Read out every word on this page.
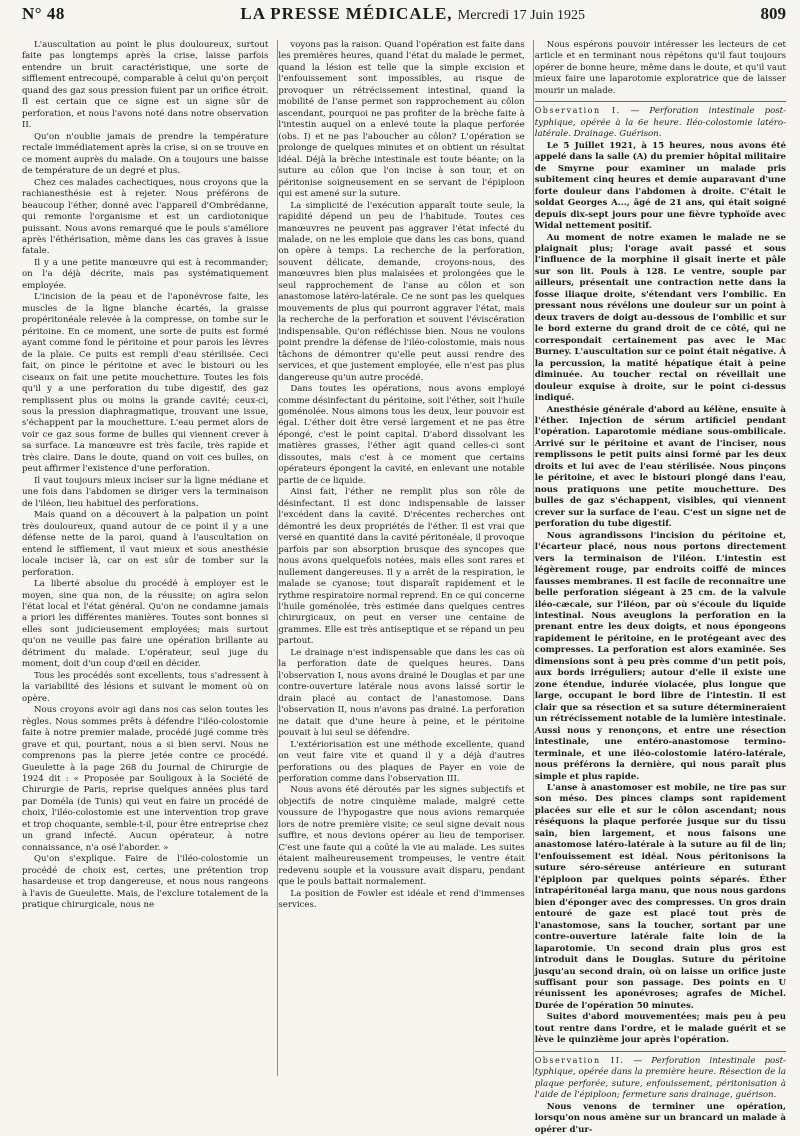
N° 48	LA PRESSE MÉDICALE, Mercredi 17 Juin 1925	809

L'auscultation au point le plus douloureux, surtout faite pas longtemps après la crise, laisse parfois entendre un bruit caractéristique, une sorte de sifflement entrecoupé, comparable à celui qu'on perçoit quand des gaz sous pression fuient par un orifice étroit. Il est certain que ce signe est un signe sûr de perforation, et nous l'avons noté dans notre observation II.

Qu'on n'oublie jamais de prendre la température rectale immédiatement après la crise, si on se trouve en ce moment auprès du malade. On a toujours une baisse de température de un degré et plus.

Chez ces malades cachectiques, nous croyons que la rachianesthésie est à rejeter. Nous préférons de beaucoup l'éther, donné avec l'appareil d'Ombrédanne, qui remonte l'organisme et est un cardiotonique puissant. Nous avons remarqué que le pouls s'améliore après l'éthérisation, même dans les cas graves à issue fatale.

Il y a une petite manœuvre qui est à recommander; on l'a déjà décrite, mais pas systématiquement employée.

L'incision de la peau et de l'aponévrose faite, les muscles de la ligne blanche écartés, la graisse propéritonéale relevée à la compresse, on tombe sur le péritoine. En ce moment, une sorte de puits est formé ayant comme fond le péritoine et pour parois les lèvres de la plaie. Ce puits est rempli d'eau stérilisée. Ceci fait, on pince le péritoine et avec le bistouri ou les ciseaux on fait une petite mouchetture. Toutes les fois qu'il y a une perforation du tube digestif, des gaz remplissent plus ou moins la grande cavité; ceux-ci, sous la pression diaphragmatique, trouvant une issue, s'échappent par la mouchetture. L'eau permet alors de voir ce gaz sous forme de bulles qui viennent crever à sa surface. La manœuvre est très facile, très rapide et très claire. Dans le doute, quand on voit ces bulles, on peut affirmer l'existence d'une perforation.

Il vaut toujours mieux inciser sur la ligne médiane et une fois dans l'abdomen se diriger vers la terminaison de l'iléon, lieu habituel des perforations.

Mais quand on a découvert à la palpation un point très douloureux, quand autour de ce point il y a une défense nette de la paroi, quand à l'auscultation on entend le sifflement, il vaut mieux et sous anesthésie locale inciser là, car on est sûr de tomber sur la perforation.

La liberté absolue du procédé à employer est le moyen, sine qua non, de la réussite; on agira selon l'état local et l'état général. Qu'on ne condamne jamais a priori les différentes manières. Toutes sont bonnes si elles sont judicieusement employées; mais surtout qu'on ne veuille pas faire une opération brillante au détriment du malade. L'opérateur, seul juge du moment, doit d'un coup d'œil en décider.

Tous les procédés sont excellents, tous s'adressent à la variabilité des lésions et suivant le moment où on opère.

Nous croyons avoir agi dans nos cas selon toutes les règles. Nous sommes prêts à défendre l'iléo-colostomie faite à notre premier malade, procédé jugé comme très grave et qui, pourtant, nous a si bien servi. Nous ne comprenons pas la pierre jetée contre ce procédé. Gueulette à la page 268 du Journal de Chirurgie de 1924 dit : « Proposée par Souligoux à la Société de Chirurgie de Paris, reprise quelques années plus tard par Doméla (de Tunis) qui veut en faire un procédé de choix, l'iléo-colostomie est une intervention trop grave et trop choquante, semble-t-il, pour être entreprise chez un grand infecté. Aucun opérateur, à notre connaissance, n'a osé l'aborder. »

Qu'on s'explique. Faire de l'iléo-colostomie un procédé de choix est, certes, une prétention trop hasardeuse et trop dangereuse, et nous nous rangeons à l'avis de Gueulette. Mais, de l'exclure totalement de la pratique chirurgicale, nous ne

voyons pas la raison. Quand l'opération est faite dans les premières heures, quand l'état du malade le permet, quand la lésion est telle que la simple excision et l'enfouissement sont impossibles, au risque de provoquer un rétrécissement intestinal, quand la mobilité de l'anse permet son rapprochement au côlon ascendant, pourquoi ne pas profiter de la brèche faite à l'intestin auquel on a enlevé toute la plaque perforée (obs. I) et ne pas l'aboucher au côlon? L'opération se prolonge de quelques minutes et on obtient un résultat idéal. Déjà la brèche intestinale est toute béante; on la suture au côlon que l'on incise à son tour, et on péritonise soigneusement en se servant de l'épiploon qui est amené sur la suture.

La simplicité de l'exécution apparaît toute seule, la rapidité dépend un peu de l'habitude. Toutes ces manœuvres ne peuvent pas aggraver l'état infecté du malade, on ne les emploie que dans les cas bons, quand on opère à temps. La recherche de la perforation, souvent délicate, demande, croyons-nous, des manœuvres bien plus malaisées et prolongées que le seul rapprochement de l'anse au côlon et son anastomose latéro-latérale. Ce ne sont pas les quelques mouvements de plus qui pourront aggraver l'état, mais la recherche de la perforation et souvent l'éviscération indispensable. Qu'on réfléchisse bien. Nous ne voulons point prendre la défense de l'iléo-colostomie, mais nous tâchons de démontrer qu'elle peut aussi rendre des services, et que justement employée, elle n'est pas plus dangereuse qu'un autre procédé.

Dans toutes les opérations, nous avons employé comme désinfectant du péritoine, soit l'éther, soit l'huile goménolée. Nous aimons tous les deux, leur pouvoir est égal. L'éther doit être versé largement et ne pas être épongé, c'est le point capital. D'abord dissolvant les matières grasses, l'éther agit quand celles-ci sont dissoutes, mais c'est à ce moment que certains opérateurs épongent la cavité, en enlevant une notable partie de ce liquide.

Ainsi fait, l'éther ne remplit plus son rôle de désinfectant. Il est donc indispensable de laisser l'excédent dans la cavité. D'récentes recherches ont démontré les deux propriétés de l'éther. Il est vrai que versé en quantité dans la cavité péritonéale, il provoque parfois par son absorption brusque des syncopes que nous avons quelquefois notées, mais elles sont rares et nullement dangereuses. Il y a arrêt de la respiration, le malade se cyanose; tout disparaît rapidement et le rythme respiratoire normal reprend. En ce qui concerne l'huile goménolée, très estimée dans quelques centres chirurgicaux, on peut en verser une centaine de grammes. Elle est très antiseptique et se répand un peu partout.

Le drainage n'est indispensable que dans les cas où la perforation date de quelques heures. Dans l'observation I, nous avons drainé le Douglas et par une contre-ouverture latérale nous avons laissé sortir le drain placé au contact de l'anastomose. Dans l'observation II, nous n'avons pas drainé. La perforation ne datait que d'une heure à peine, et le péritoine pouvait à lui seul se défendre.

L'extériorisation est une méthode excellente, quand on veut faire vite et quand il y a déjà d'autres perforations ou des plaques de Payer en voie de perforation comme dans l'observation III.

Nous avons été déroutés par les signes subjectifs et objectifs de notre cinquième malade, malgré cette voussure de l'hypogastre que nous avions remarquée lors de notre première visite; ce seul signe devait nous suffire, et nous devions opérer au lieu de temporiser. C'est une faute qui a coûté la vie au malade. Les suites étaient malheureusement trompeuses, le ventre était redevenu souple et la voussure avait disparu, pendant que le pouls battait normalement.

La position de Fowler est idéale et rend d'immenses services.

Nous espérons pouvoir intéresser les lecteurs de cet article et en terminant nous répétons qu'il faut toujours opérer de bonne heure, même dans le doute, et qu'il vaut mieux faire une laparotomie exploratrice que de laisser mourir un malade.

Observation I. — Perforation intestinale post-typhique, opérée à la 6e heure. Iléo-colostomie latéro-latérale. Drainage. Guérison.

Le 5 Juillet 1921, à 15 heures, nous avons été appelé dans la salle (A) du premier hôpital militaire de Smyrne pour examiner un malade pris subitement cinq heures et demie auparavant d'une forte douleur dans l'abdomen à droite. C'était le soldat Georges A..., âgé de 21 ans, qui était soigné depuis dix-sept jours pour une fièvre typhoïde avec Widal nettement positif.

Au moment de notre examen le malade ne se plaignait plus; l'orage avait passé et sous l'influence de la morphine il gisait inerte et pâle sur son lit. Pouls à 128. Le ventre, souple par ailleurs, présentait une contraction nette dans la fosse iliaque droite, s'étendant vers l'ombilic. En pressant nous révélons une douleur sur un point à deux travers de doigt au-dessous de l'ombilic et sur le bord externe du grand droit de ce côté, qui ne correspondait certainement pas avec le Mac Burney. L'auscultation sur ce point était négative. À la percussion, la matité hépatique était à peine diminuée. Au toucher rectal on réveillait une douleur exquise à droite, sur le point ci-dessus indiqué.

Anesthésie générale d'abord au kélène, ensuite à l'éther. Injection de sérum artificiel pendant l'opération. Laparotomie médiane sous-ombilicale. Arrivé sur le péritoine et avant de l'inciser, nous remplissons le petit puits ainsi formé par les deux droits et lui avec de l'eau stérilisée. Nous pinçons le péritoine, et avec le bistouri plongé dans l'eau, nous pratiquons une petite mouchetture. Des bulles de gaz s'échappent, visibles, qui viennent crever sur la surface de l'eau. C'est un signe net de perforation du tube digestif.

Nous agrandissons l'incision du péritoine et, l'écarteur placé, nous nous portons directement vers la terminaison de l'iléon. L'intestin est légèrement rouge, par endroits coiffé de minces fausses membranes. Il est facile de reconnaître une belle perforation siégeant à 25 cm. de la valvule iléo-cæcale, sur l'iléon, par où s'écoule du liquide intestinal. Nous aveuglons la perforation en la prenant entre les deux doigts, et nous épongeons rapidement le péritoine, en le protégeant avec des compresses. La perforation est alors examinée. Ses dimensions sont à peu près comme d'un petit pois, aux bords irréguliers; autour d'elle il existe une zone étendue, indurée violacée, plus longue que large, occupant le bord libre de l'intestin. Il est clair que sa résection et sa suture détermineraient un rétrécissement notable de la lumière intestinale. Aussi nous y renonçons, et entre une résection intestinale, une entéro-anastomose termino-terminale, et une iléo-colostomie latéro-latérale, nous préférons la dernière, qui nous paraît plus simple et plus rapide.

L'anse à anastomoser est mobile, ne tire pas sur son méso. Des pinces clamps sont rapidement placées sur elle et sur le côlon ascendant; nous réséquons la plaque perforée jusque sur du tissu sain, bien largement, et nous faisons une anastomose latéro-latérale à la suture au fil de lin; l'enfouissement est idéal. Nous péritonisons la suture séro-séreuse antérieure en suturant l'épiploon par quelques points séparés. Éther intrapéritonéal larga manu, que nous nous gardons bien d'éponger avec des compresses. Un gros drain entouré de gaze est placé tout près de l'anastomose, sans la toucher, sortant par une contre-ouverture latérale faite loin de la laparotomie. Un second drain plus gros est introduit dans le Douglas. Suture du péritoine jusqu'au second drain, où on laisse un orifice juste suffisant pour son passage. Des points en U réunissent les aponévroses; agrafes de Michel. Durée de l'opération 50 minutes.

Suites d'abord mouvementées; mais peu à peu tout rentre dans l'ordre, et le malade guérit et se lève le quinzième jour après l'opération.

Observation II. — Perforation intestinale post-typhique, opérée dans la première heure. Résection de la plaque perforée, suture, enfouissement, péritonisation à l'aide de l'épiploon; fermeture sans drainage, guérison.

Nous venons de terminer une opération, lorsqu'on nous amène sur un brancard un malade à opérer d'ur-
